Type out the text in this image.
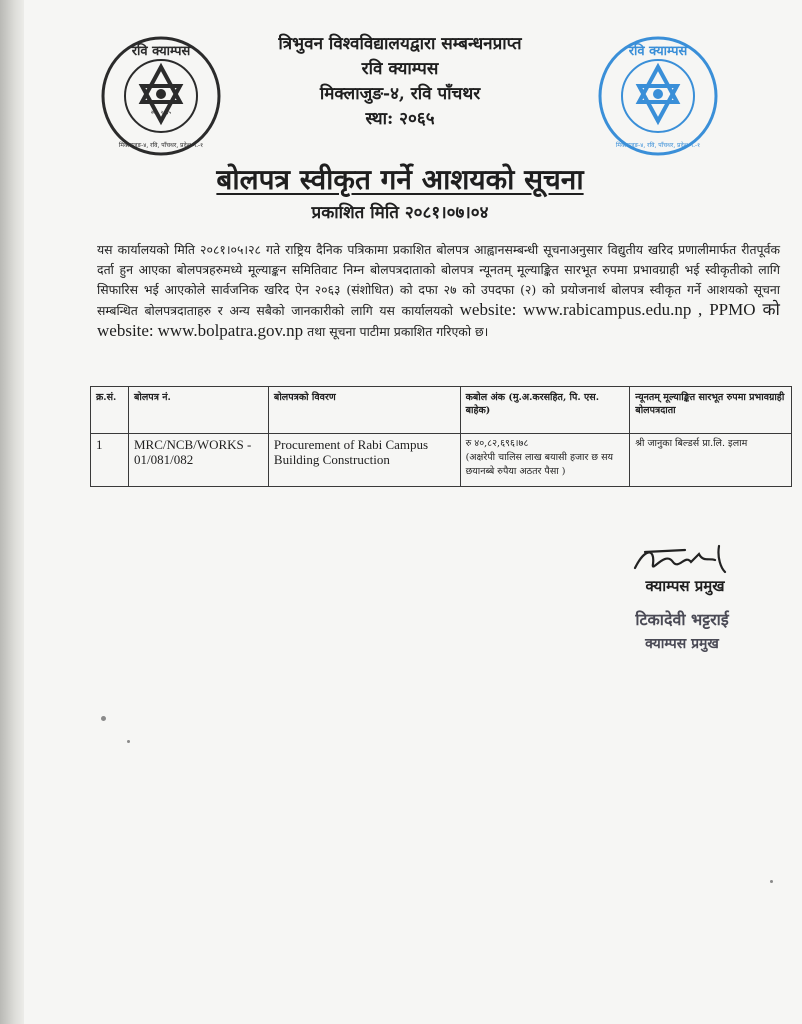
रवि क्याम्पस
स्था: २०६५
मिक्लाजुङ-४, रवि, पाँचथर, प्रदेश नं.-१
रवि क्याम्पस
मिक्लाजुङ-४, रवि, पाँचथर, प्रदेश नं.-१
त्रिभुवन विश्वविद्यालयद्वारा सम्बन्धनप्राप्त
रवि क्याम्पस
मिक्लाजुङ-४, रवि पाँचथर
स्था: २०६५
बोलपत्र स्वीकृत गर्ने आशयको सूचना
प्रकाशित मिति २०८१।०७।०४
यस कार्यालयको मिति २०८१।०५।२८ गते राष्ट्रिय दैनिक पत्रिकामा प्रकाशित बोलपत्र आह्वानसम्बन्धी सूचनाअनुसार विद्युतीय खरिद प्रणालीमार्फत रीतपूर्वक दर्ता हुन आएका बोलपत्रहरुमध्ये मूल्याङ्कन समितिवाट निम्न बोलपत्रदाताको बोलपत्र न्यूनतम् मूल्याङ्कित सारभूत रुपमा प्रभावग्राही भई स्वीकृतीको लागि सिफारिस भई आएकोले सार्वजनिक खरिद ऐन २०६३ (संशोधित) को दफा २७ को उपदफा (२) को प्रयोजनार्थ बोलपत्र स्वीकृत गर्ने आशयको सूचना सम्बन्धित बोलपत्रदाताहरु र अन्य सबैको जानकारीको लागि यस कार्यालयको website: www.rabicampus.edu.np , PPMO को website: www.bolpatra.gov.np तथा सूचना पाटीमा प्रकाशित गरिएको छ।
क्र.सं.	बोलपत्र नं.	बोलपत्रको विवरण	कबोल अंक (मु.अ.करसहित, पि. एस. बाहेक)	न्यूनतम् मूल्याङ्कित सारभूत रुपमा प्रभावग्राही बोलपत्रदाता
1	MRC/NCB/WORKS - 01/081/082	Procurement of Rabi Campus Building Construction	रु ४०,८२,६९६।७८
(अक्षरेपी चालिस लाख बयासी हजार छ सय छयानब्बे रुपैया अठतर पैसा )	श्री जानुका बिल्डर्स प्रा.लि. इलाम
क्याम्पस प्रमुख
टिकादेवी भट्टराई
क्याम्पस प्रमुख
